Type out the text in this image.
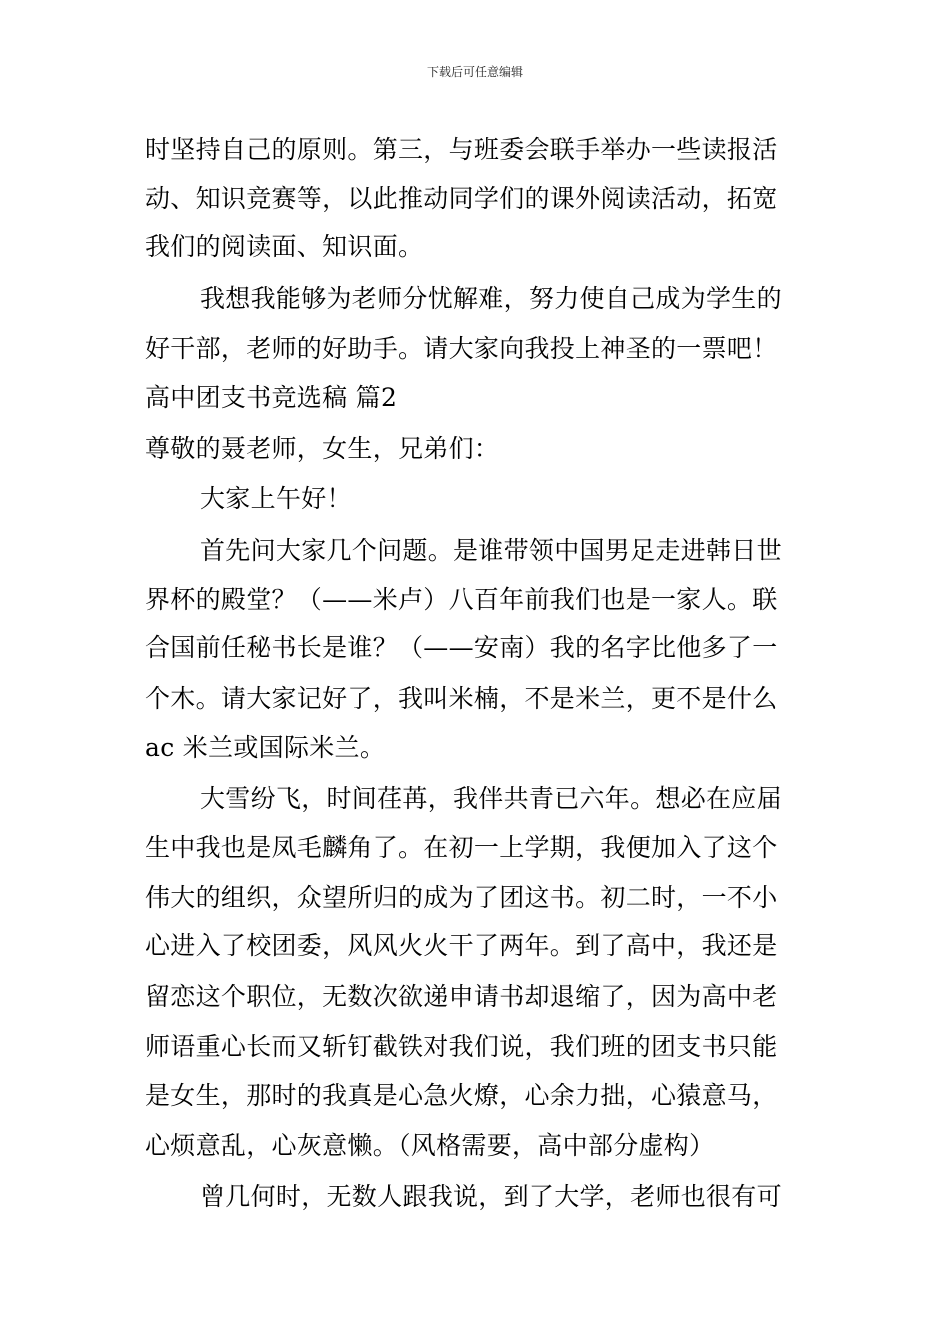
下载后可任意编辑
时坚持自己的原则。第三，与班委会联手举办一些读报活
动、知识竞赛等，以此推动同学们的课外阅读活动，拓宽
我们的阅读面、知识面。
我想我能够为老师分忧解难，努力使自己成为学生的
好干部，老师的好助手。请大家向我投上神圣的一票吧！
高中团支书竞选稿 篇2
尊敬的聂老师，女生，兄弟们：
大家上午好！
首先问大家几个问题。是谁带领中国男足走进韩日世
界杯的殿堂？（——米卢）八百年前我们也是一家人。联
合国前任秘书长是谁？（——安南）我的名字比他多了一
个木。请大家记好了，我叫米楠，不是米兰，更不是什么
ac 米兰或国际米兰。
大雪纷飞，时间荏苒，我伴共青已六年。想必在应届
生中我也是凤毛麟角了。在初一上学期，我便加入了这个
伟大的组织，众望所归的成为了团这书。初二时，一不小
心进入了校团委，风风火火干了两年。到了高中，我还是
留恋这个职位，无数次欲递申请书却退缩了，因为高中老
师语重心长而又斩钉截铁对我们说，我们班的团支书只能
是女生，那时的我真是心急火燎，心余力拙，心猿意马，
心烦意乱，心灰意懒。（风格需要，高中部分虚构）
曾几何时，无数人跟我说，到了大学，老师也很有可
